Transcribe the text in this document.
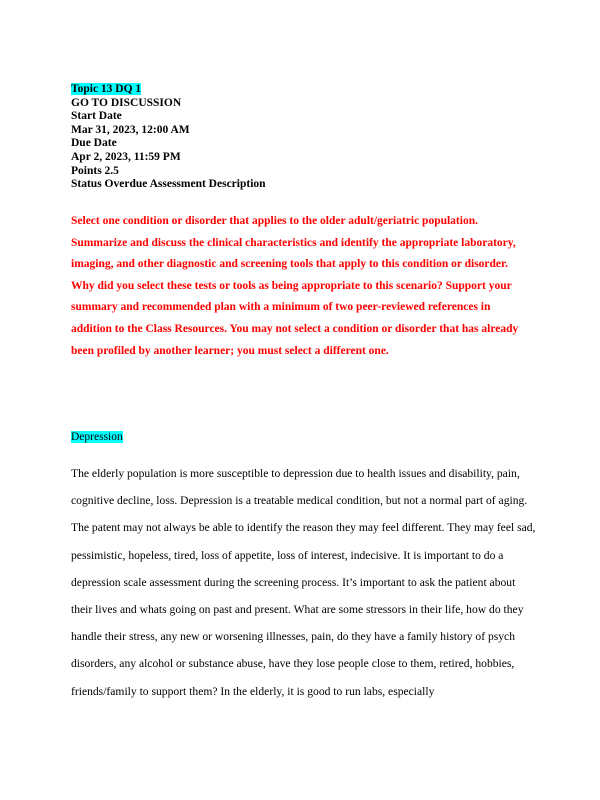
Topic 13 DQ 1
GO TO DISCUSSION
Start Date
Mar 31, 2023, 12:00 AM
Due Date
Apr 2, 2023, 11:59 PM
Points 2.5
Status Overdue Assessment Description

Select one condition or disorder that applies to the older adult/geriatric population. Summarize and discuss the clinical characteristics and identify the appropriate laboratory, imaging, and other diagnostic and screening tools that apply to this condition or disorder. Why did you select these tests or tools as being appropriate to this scenario? Support your summary and recommended plan with a minimum of two peer-reviewed references in addition to the Class Resources. You may not select a condition or disorder that has already been profiled by another learner; you must select a different one.

Depression

The elderly population is more susceptible to depression due to health issues and disability, pain, cognitive decline, loss. Depression is a treatable medical condition, but not a normal part of aging. The patent may not always be able to identify the reason they may feel different. They may feel sad, pessimistic, hopeless, tired, loss of appetite, loss of interest, indecisive. It is important to do a depression scale assessment during the screening process. It’s important to ask the patient about their lives and whats going on past and present. What are some stressors in their life, how do they handle their stress, any new or worsening illnesses, pain, do they have a family history of psych disorders, any alcohol or substance abuse, have they lose people close to them, retired, hobbies, friends/family to support them? In the elderly, it is good to run labs, especially
